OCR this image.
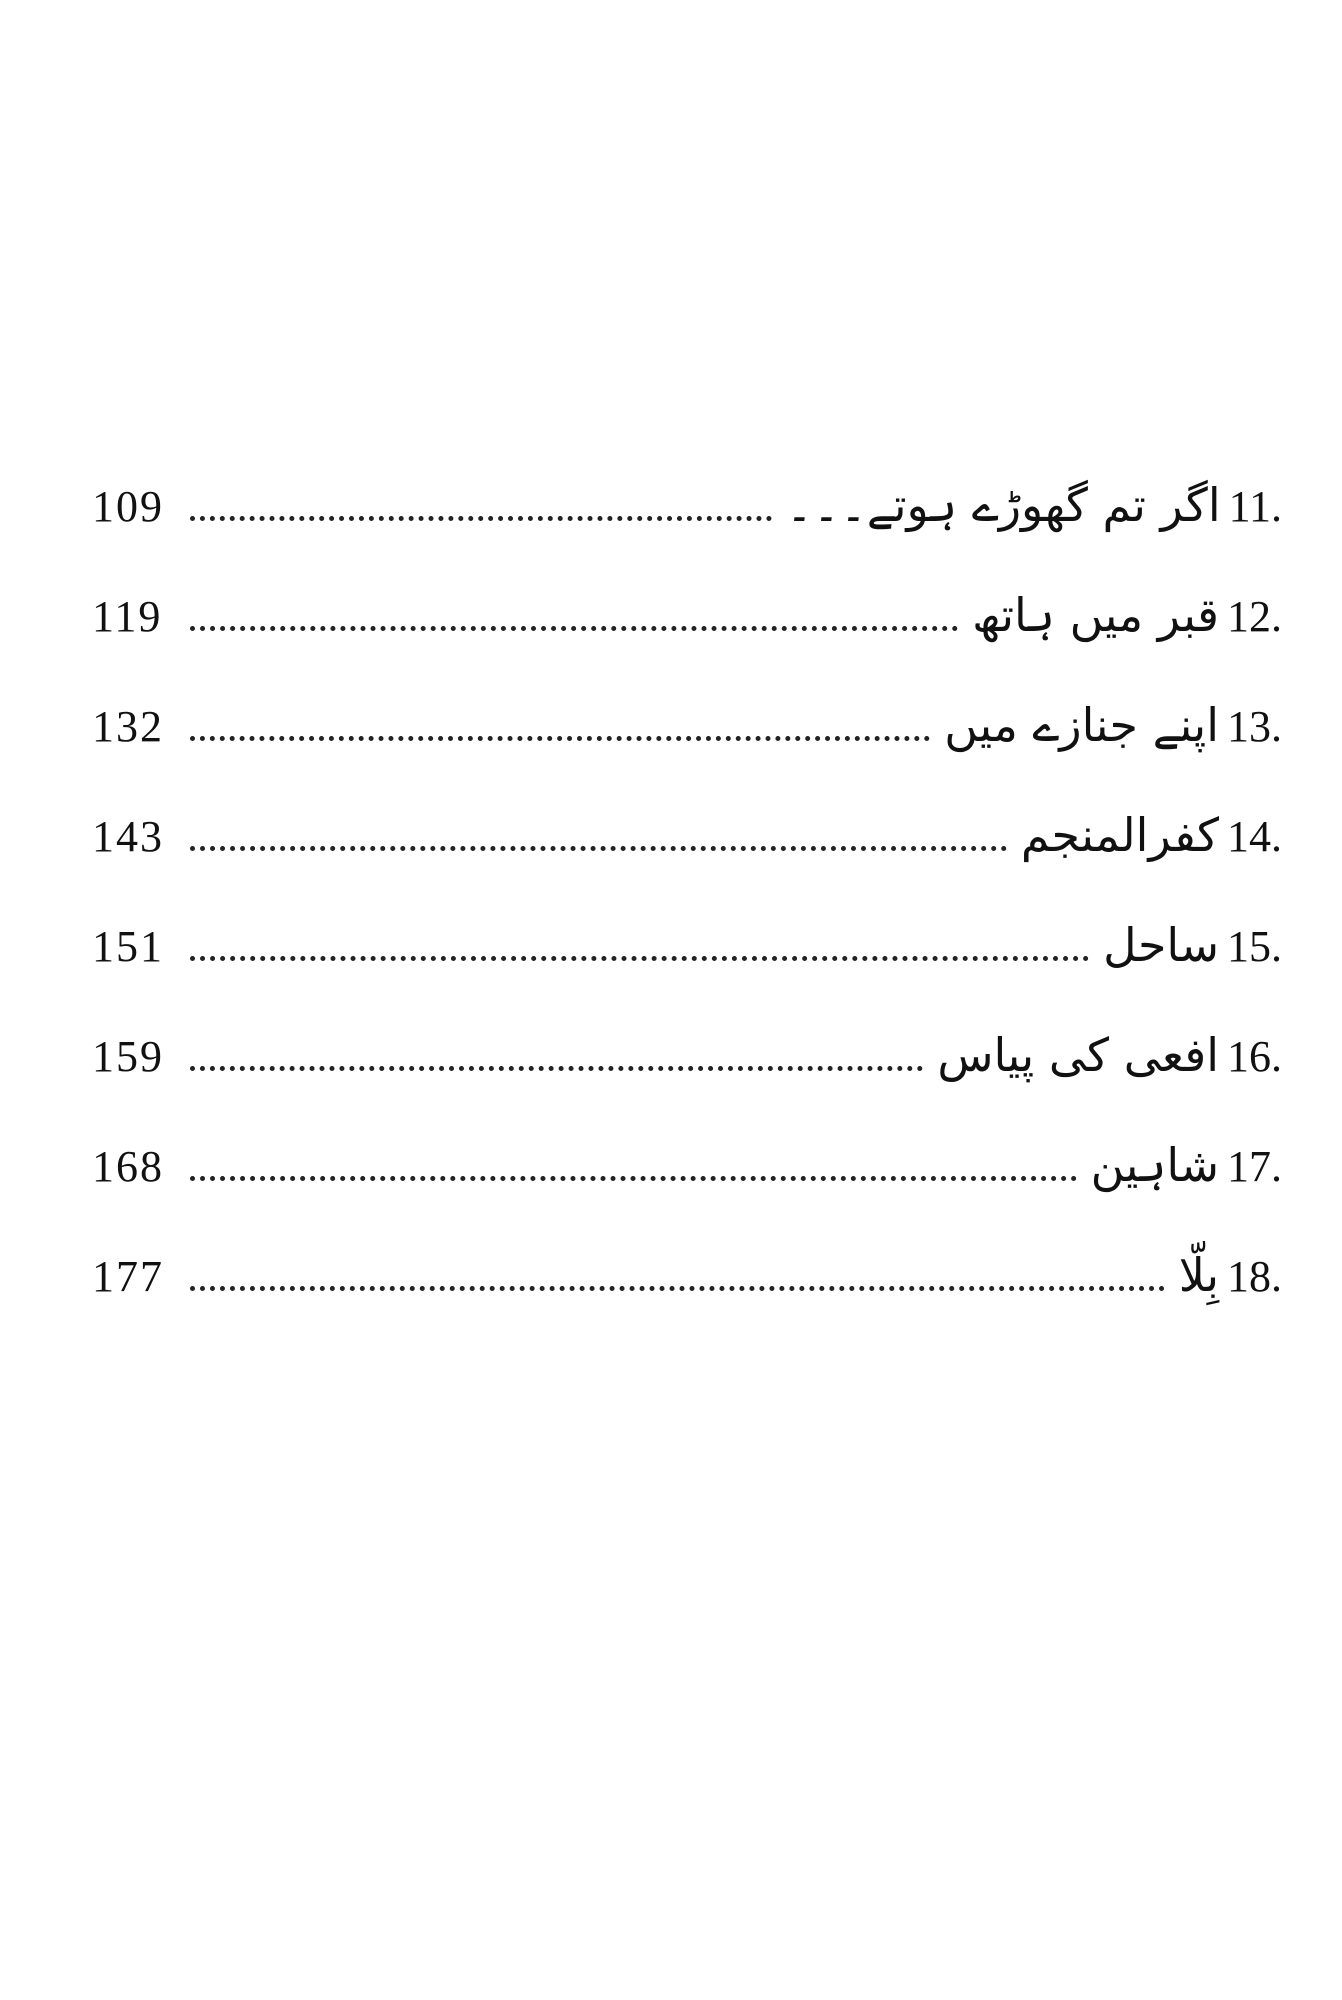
109	اگر تم گھوڑے ہوتے۔۔۔ 11.
119	قبر میں ہاتھ 12.
132	اپنے جنازے میں 13.
143	کفرالمنجم 14.
151	ساحل 15.
159	افعی کی پیاس 16.
168	شاہین 17.
177	بِلّا 18.
